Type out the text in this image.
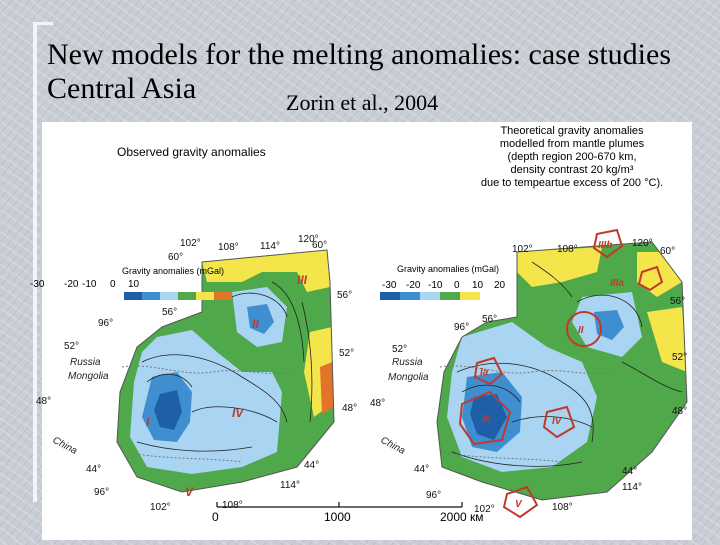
New models for the melting anomalies: case studies
Central Asia	Zorin et al., 2004
Observed gravity anomalies
Gravity anomalies (mGal)
-30 -20 -10 0 10
102° 108° 114°
120°
96°
96°
102°	108°
114°
60°
60°
56°
56°
52°
52°
48°
48°
44°	44°
Russia
Mongolia
China
I
II
III
IV
V
Theoretical gravity anomalies
modelled from mantle plumes
(depth region 200-670 km,
density contrast 20 kg/m³
due to tempeartue excess of 200 °C).
Gravity anomalies (mGal)
-30 -20 -10 0 10 20
102° 108°
120°
96°
96°
102°	108°
114°
60°
56°
56°
52°
52°
48°
48°
44°	44°
Russia
Mongolia
China
IIIb
IIIa
II
Ia
Ib	IV
V
0	1000	2000 км
